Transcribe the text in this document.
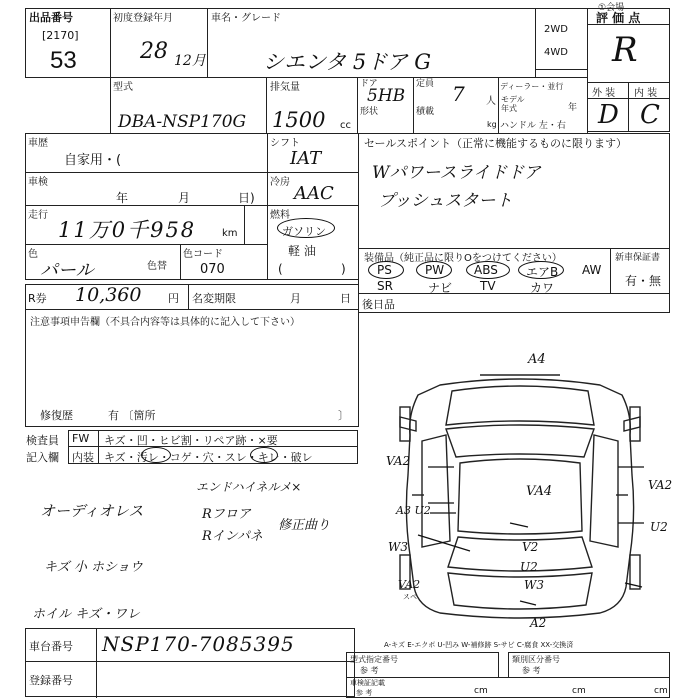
①会場
出品番号
[2170]
53
初度登録年月
28 12月
車名・グレード
シエンタ 5ドア G
2WD
4WD
評 価 点
R
外 装 内 装
D C
型式
DBA-NSP170G
排気量
1500 cc
ドア
5HB
形状
定員 7 人
積載
kg
ディーラー・並行
モデル
年式	年
ハンドル 左・右
車歴
自家用・(
シフト
IAT
車検
年	月	日)
冷房
AAC
走行
11万0千958	km
燃料
ガソリン
軽 油
(	)
色
パール	色替
色コード
070
R券 10,360 円 名変期限	月	日
注意事項申告欄（不具合内容等は具体的に記入して下さい）
修復歴	有 〔箇所	〕
検査員 FW キズ・凹・ヒビ割・リペア跡・×要
記入欄 内装 キズ・汚レ・コゲ・穴・スレ・キレ・破レ
セールスポイント（正常に機能するものに限ります）
Wパワースライドドア
プッシュスタート
装備品（純正品に限りOをつけてください）	新車保証書
有・無
PS	PW ABS エアB AW
SR	ナビ TV	カワ
後日品
エンドハイネルメ×
オーディオレス	Rフロア
Rインパネ
修正曲り
キズ 小 ホショウ
ホイル キズ・ワレ
A4
VA2
VA4	VA2
A3 U2
U2
W3	V2
U2
W3
A2
VA2
スペ
車台番号 NSP170-7085395
登録番号
A-キズ E-エクボ U-凹み W-補修跡 S-サビ C-腐食 XX-交換済
型式指定番号
参 考
類別区分番号
参 考
車検証記載
参 考	cm	cm	cm
